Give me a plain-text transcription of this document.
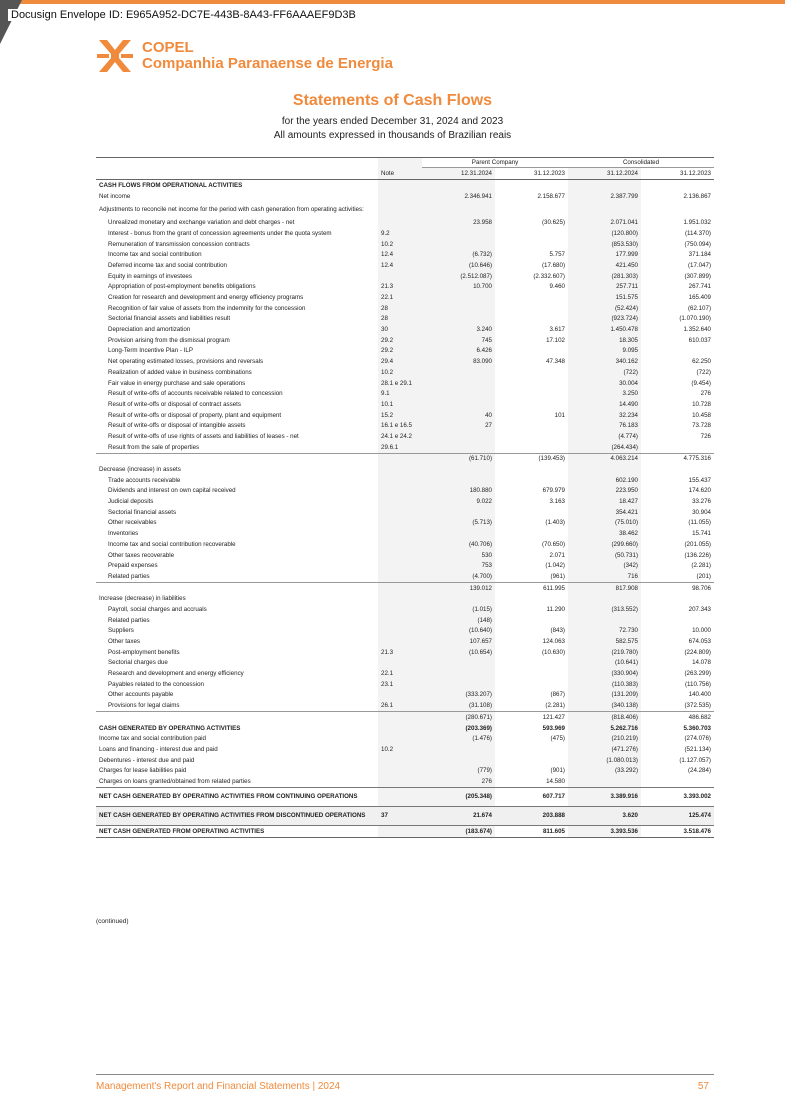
Docusign Envelope ID: E965A952-DC7E-443B-8A43-FF6AAAEF9D3B
COPEL
Companhia Paranaense de Energia
Statements of Cash Flows
for the years ended December 31, 2024 and 2023
All amounts expressed in thousands of Brazilian reais
		Parent Company		Consolidated	
	Note	12.31.2024	31.12.2023	31.12.2024	31.12.2023
CASH FLOWS FROM OPERATIONAL ACTIVITIES					
Net income		2.346.941	2.158.677	2.387.799	2.136.867
Adjustments to reconcile net income for the period with cash generation from operating activities:					
Unrealized monetary and exchange variation and debt charges - net		23.958	(30.625)	2.071.041	1.951.032
Interest - bonus from the grant of concession agreements under the quota system	9.2			(120.800)	(114.370)
Remuneration of transmission concession contracts	10.2			(853.530)	(750.094)
Income tax and social contribution	12.4	(6.732)	5.757	177.999	371.184
Deferred income tax and social contribution	12.4	(10.646)	(17.680)	421.450	(17.047)
Equity in earnings of investees		(2.512.087)	(2.332.607)	(281.303)	(307.899)
Appropriation of post-employment benefits obligations	21.3	10.700	9.460	257.711	267.741
Creation for research and development and energy efficiency programs	22.1			151.575	165.409
Recognition of fair value of assets from the indemnity for the concession	28			(52.424)	(62.107)
Sectorial financial assets and liabilities result	28			(923.724)	(1.070.190)
Depreciation and amortization	30	3.240	3.617	1.450.478	1.352.640
Provision arising from the dismissal program	29.2	745	17.102	18.305	610.037
Long-Term Incentive Plan - ILP	29.2	6.426		9.095	
Net operating estimated losses, provisions and reversals	29.4	83.090	47.348	340.162	62.250
Realization of added value in business combinations	10.2			(722)	(722)
Fair value in energy purchase and sale operations	28.1 e 29.1			30.004	(9.454)
Result of write-offs of accounts receivable related to concession	9.1			3.250	276
Result of write-offs or disposal of contract assets	10.1			14.490	10.728
Result of write-offs or disposal of property, plant and equipment	15.2	40	101	32.234	10.458
Result of write-offs or disposal of intangible assets	16.1 e 16.5	27		76.183	73.728
Result of write-offs of use rights of assets and liabilities of leases - net	24.1 e 24.2			(4.774)	726
Result from the sale of properties	29.6.1			(264.434)	
		(61.710)	(139.453)	4.063.214	4.775.316
Decrease (increase) in assets					
Trade accounts receivable				602.190	155.437
Dividends and interest on own capital received		180.880	679.979	223.950	174.620
Judicial deposits		9.022	3.163	18.427	33.276
Sectorial financial assets				354.421	30.904
Other receivables		(5.713)	(1.403)	(75.010)	(11.055)
Inventories				38.462	15.741
Income tax and social contribution recoverable		(40.706)	(70.650)	(299.660)	(201.055)
Other taxes recoverable		530	2.071	(50.731)	(136.226)
Prepaid expenses		753	(1.042)	(342)	(2.281)
Related parties		(4.700)	(961)	716	(201)
		139.012	611.995	817.908	98.706
Increase (decrease) in liabilities					
Payroll, social charges and accruals		(1.015)	11.290	(313.552)	207.343
Related parties		(148)			
Suppliers		(10.640)	(843)	72.730	10.000
Other taxes		107.657	124.063	582.575	674.053
Post-employment benefits	21.3	(10.654)	(10.630)	(219.780)	(224.809)
Sectorial charges due				(10.641)	14.078
Research and development and energy efficiency	22.1			(330.904)	(263.299)
Payables related to the concession	23.1			(110.383)	(110.756)
Other accounts payable		(333.207)	(867)	(131.209)	140.400
Provisions for legal claims	26.1	(31.108)	(2.281)	(340.138)	(372.535)
		(280.671)	121.427	(818.406)	486.682
CASH GENERATED BY OPERATING ACTIVITIES		(203.369)	593.969	5.262.716	5.360.703
Income tax and social contribution paid		(1.476)	(475)	(210.219)	(274.076)
Loans and financing - interest due and paid	10.2			(471.276)	(521.134)
Debentures - interest due and paid				(1.080.013)	(1.127.057)
Charges for lease liabilities paid		(779)	(901)	(33.292)	(24.284)
Charges on loans granted/obtained from related parties		276	14.580		
NET CASH GENERATED BY OPERATING ACTIVITIES FROM CONTINUING OPERATIONS		(205.348)	607.717	3.389.916	3.393.002
NET CASH GENERATED BY OPERATING ACTIVITIES FROM DISCONTINUED OPERATIONS	37	21.674	203.888	3.620	125.474
NET CASH GENERATED FROM OPERATING ACTIVITIES		(183.674)	811.605	3.393.536	3.518.476
(continued)
Management's Report and Financial Statements | 2024	57
